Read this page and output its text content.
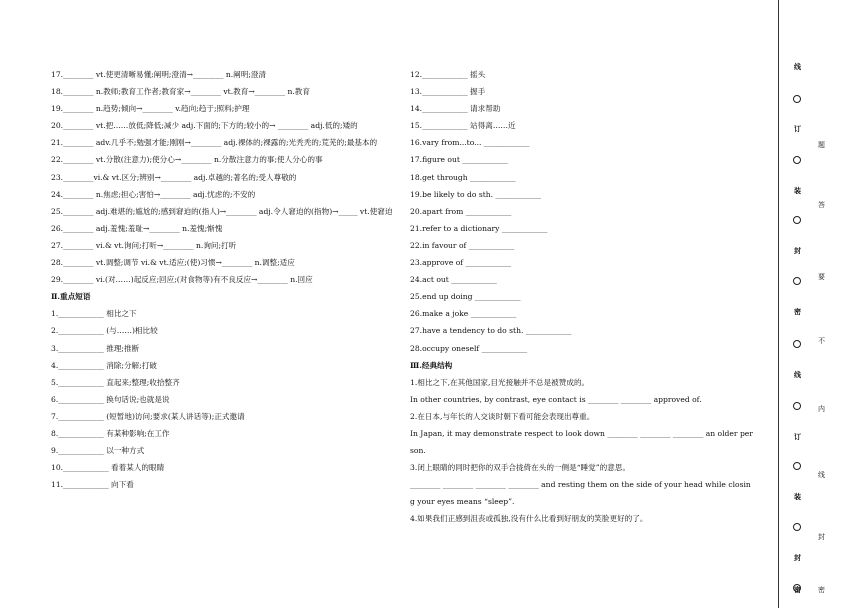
17.________ vt.使更清晰易懂;阐明;澄清→________ n.阐明;澄清
18.________ n.教师;教育工作者;教育家→________ vt.教育→________ n.教育
19.________ n.趋势;倾向→________ v.趋向;趋于;照料;护理
20.________ vt.把……放低;降低;减少 adj.下面的;下方的;较小的→ ________ adj.低的;矮的
21.________ adv.几乎不;勉强才能;刚刚→________ adj.裸体的;裸露的;光秃秃的;荒芜的;最基本的
22.________ vt.分散(注意力);使分心→________ n.分散注意力的事;使人分心的事
23.________vi.& vt.区分;辨别→________ adj.卓越的;著名的;受人尊敬的
24.________ n.焦虑;担心;害怕→________ adj.忧虑的;不安的
25.________ adj.难堪的;尴尬的;感到窘迫的(指人)→________ adj.令人窘迫的(指物)→_____ vt.使窘迫
26.________ adj.羞愧;羞耻→________ n.羞愧;惭愧
27.________ vi.& vt.询问;打听→________ n.询问;打听
28.________ vt.调整;调节 vi.& vt.适应;(使)习惯→________ n.调整;适应
29.________ vi.(对……)起反应;回应;(对食物等)有不良反应→________ n.回应
Ⅱ.重点短语
1.____________ 相比之下
2.____________ (与……)相比较
3.____________ 推理;推断
4.____________ 消除;分解;打破
5.____________ 直起来;整理;收拾整齐
6.____________ 换句话说;也就是说
7.____________ (短暂地)访问;要求(某人讲话等);正式邀请
8.____________ 有某种影响;在工作
9.____________ 以一种方式
10.____________ 看着某人的眼睛
11.____________ 向下看
12.____________ 摇头
13.____________ 握手
14.____________ 请求帮助
15.____________ 站得离……近
16.vary from...to... ____________
17.figure out ____________
18.get through ____________
19.be likely to do sth. ____________
20.apart from ____________
21.refer to a dictionary ____________
22.in favour of ____________
23.approve of ____________
24.act out ____________
25.end up doing ____________
26.make a joke ____________
27.have a tendency to do sth. ____________
28.occupy oneself ____________
Ⅲ.经典结构
1.相比之下,在其他国家,目光接触并不总是被赞成的。
In other countries, by contrast, eye contact is ________ ________ approved of.
2.在日本,与年长的人交谈时朝下看可能会表现出尊重。
In Japan, it may demonstrate respect to look down ________ ________ ________ an older person.
3.闭上眼睛的同时把你的双手合拢倚在头的一侧是“睡觉”的意思。
________ ________ ________ ________ and resting them on the side of your head while closing your eyes means “sleep”.
4.如果我们正感到沮丧或孤独,没有什么比看到好朋友的笑脸更好的了。
线
订
装
封
密
线
订
装
封
题
答
要
不
内
线
封
密 密
